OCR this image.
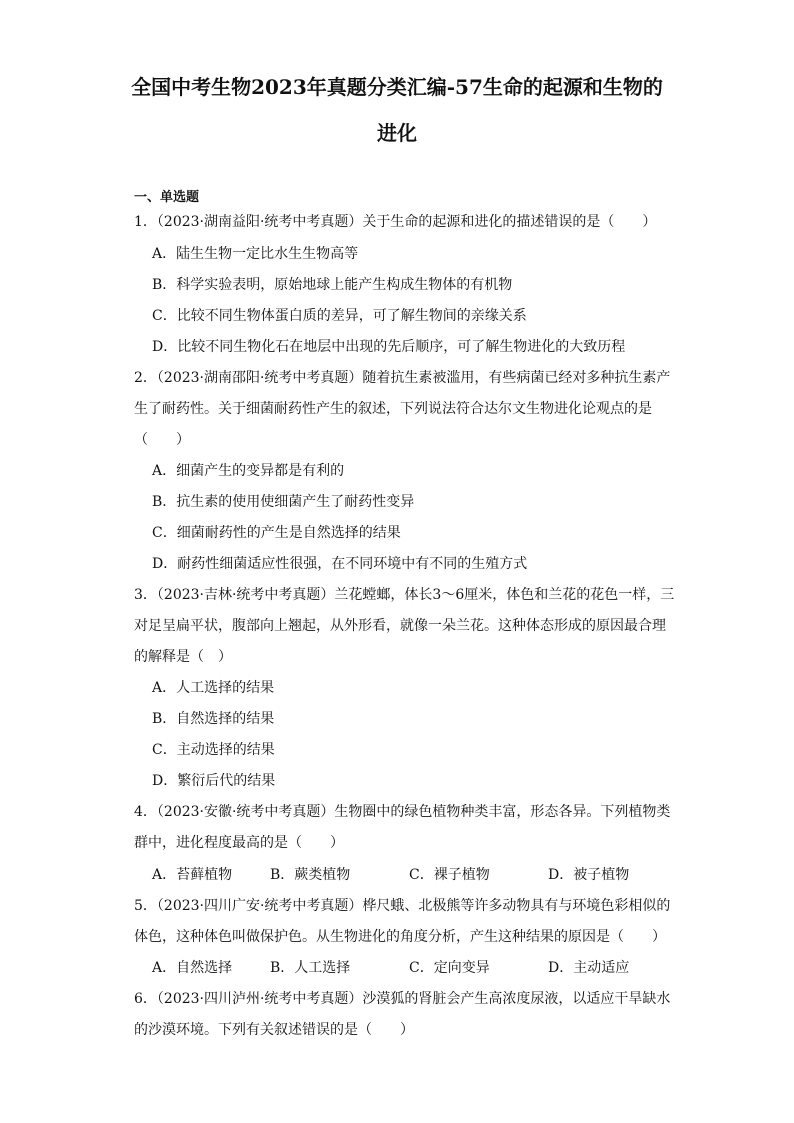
全国中考生物2023年真题分类汇编-57生命的起源和生物的
进化
一、单选题
1．（2023·湖南益阳·统考中考真题）关于生命的起源和进化的描述错误的是（　　）
A．陆生生物一定比水生生物高等
B．科学实验表明，原始地球上能产生构成生物体的有机物
C．比较不同生物体蛋白质的差异，可了解生物间的亲缘关系
D．比较不同生物化石在地层中出现的先后顺序，可了解生物进化的大致历程
2．（2023·湖南邵阳·统考中考真题）随着抗生素被滥用，有些病菌已经对多种抗生素产
生了耐药性。关于细菌耐药性产生的叙述，下列说法符合达尔文生物进化论观点的是
（　　）
A．细菌产生的变异都是有利的
B．抗生素的使用使细菌产生了耐药性变异
C．细菌耐药性的产生是自然选择的结果
D．耐药性细菌适应性很强，在不同环境中有不同的生殖方式
3．（2023·吉林·统考中考真题）兰花螳螂，体长3～6厘米，体色和兰花的花色一样，三
对足呈扁平状，腹部向上翘起，从外形看，就像一朵兰花。这种体态形成的原因最合理
的解释是（　）
A．人工选择的结果
B．自然选择的结果
C．主动选择的结果
D．繁衍后代的结果
4．（2023·安徽·统考中考真题）生物圈中的绿色植物种类丰富，形态各异。下列植物类
群中，进化程度最高的是（　　）
A．苔藓植物	B．蕨类植物	C．裸子植物	D．被子植物
5．（2023·四川广安·统考中考真题）桦尺蛾、北极熊等许多动物具有与环境色彩相似的
体色，这种体色叫做保护色。从生物进化的角度分析，产生这种结果的原因是（　　）
A．自然选择	B．人工选择	C．定向变异	D．主动适应
6．（2023·四川泸州·统考中考真题）沙漠狐的肾脏会产生高浓度尿液，以适应干旱缺水
的沙漠环境。下列有关叙述错误的是（　　）
